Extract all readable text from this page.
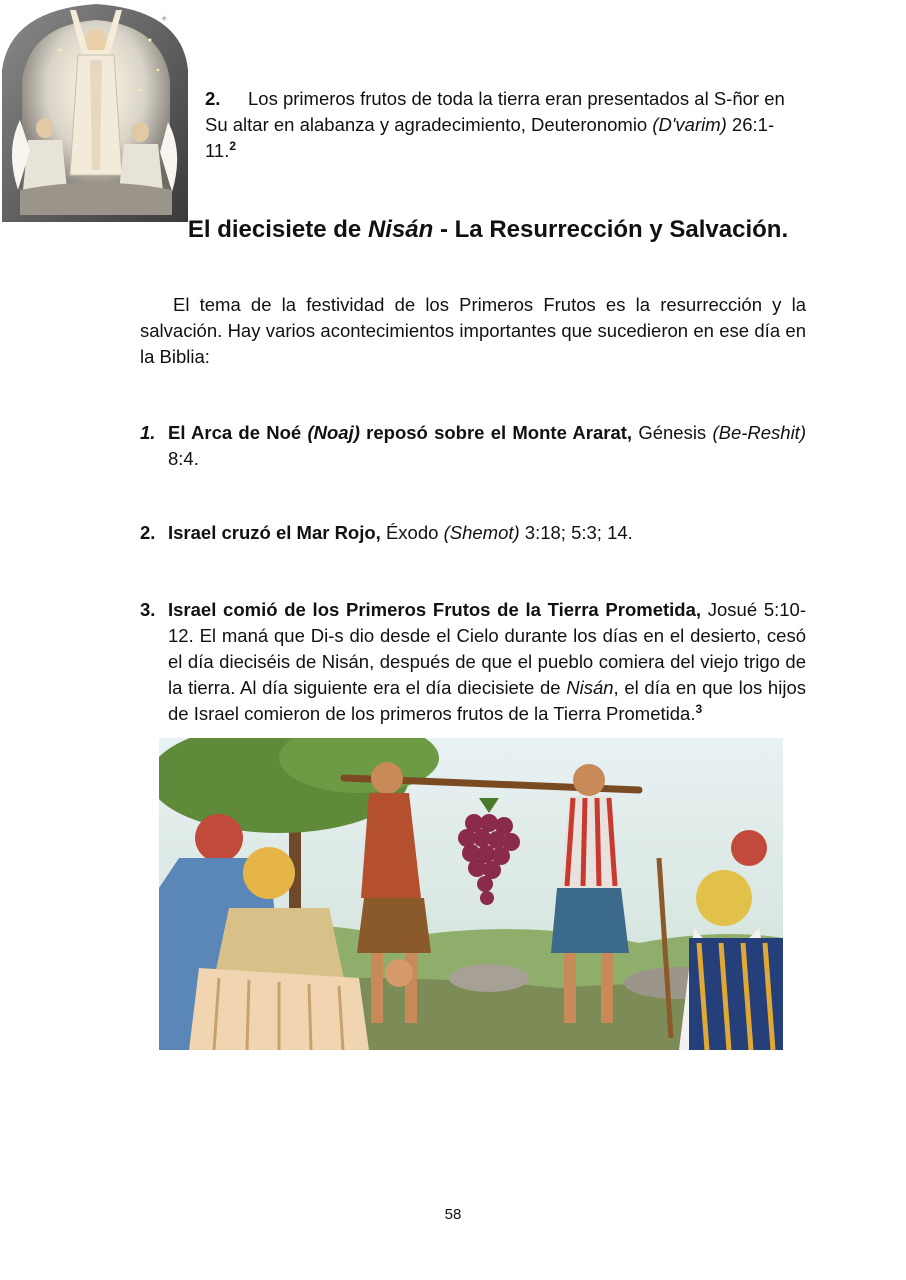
✦
2. Los primeros frutos de toda la tierra eran presentados al S-ñor en Su altar en alabanza y agradecimiento, Deuteronomio (D'varim) 26:1-11.$^2$
El diecisiete de Nisán - La Resurrección y Salvación.
El tema de la festividad de los Primeros Frutos es la resurrección y la salvación. Hay varios acontecimientos importantes que sucedieron en ese día en la Biblia:
1. El Arca de Noé (Noaj) reposó sobre el Monte Ararat, Génesis (Be-Reshit) 8:4.
2. Israel cruzó el Mar Rojo, Éxodo (Shemot) 3:18; 5:3; 14.
3. Israel comió de los Primeros Frutos de la Tierra Prometida, Josué 5:10-12. El maná que Di-s dio desde el Cielo durante los días en el desierto, cesó el día dieciséis de Nisán, después de que el pueblo comiera del viejo trigo de la tierra. Al día siguiente era el día diecisiete de Nisán, el día en que los hijos de Israel comieron de los primeros frutos de la Tierra Prometida.$^3$
58
